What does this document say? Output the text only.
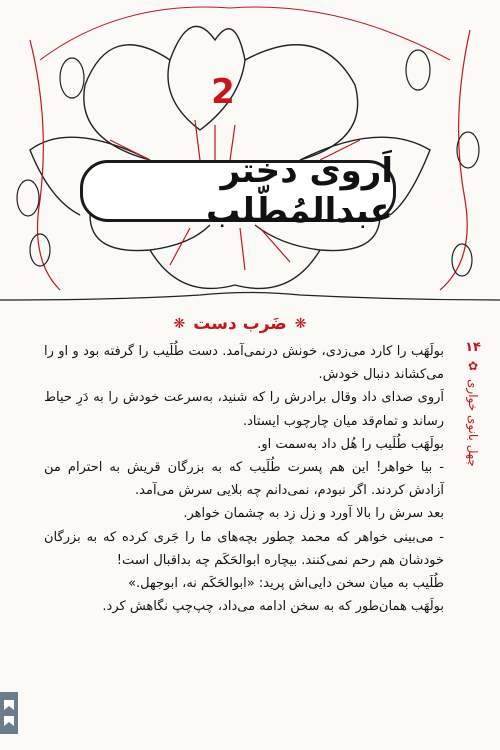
2
اَروی دختر عبدالمُطّلب
❋
ضَرب دست
❋

بولَهَب را کارد می‌زدی، خونش درنمی‌آمد. دست طُلَیب را گرفته بود و او را می‌کشاند دنبال خودش.

اَروی صدای داد وقال برادرش را که شنید، به‌سرعت خودش را به دَرِ حیاط رساند و تمام‌قد میان چارچوب ایستاد.

بولَهَب طُلَیب را هُل داد به‌سمت او.

- بیا خواهر! این هم پسرت طُلَیب که به بزرگان قریش به احترام من آزادش کردند. اگر نبودم، نمی‌دانم چه بلایی سرش می‌آمد.

بعد سرش را بالا آورد و زل زد به چشمان خواهر.

- می‌بینی خواهر که محمد چطور بچه‌های ما را جَری کرده که به بزرگان خودشان هم رحم نمی‌کنند. بیچاره ابوالحَکَم چه بداقبال است!

طُلَیب به میان سخن دایی‌اش پرید: «ابوالحَکَم نه، ابوجهل.»

بولَهَب همان‌طور که به سخن ادامه می‌داد، چپ‌چپ نگاهش کرد.

۱۴
✿
چهل بانوی خواری
